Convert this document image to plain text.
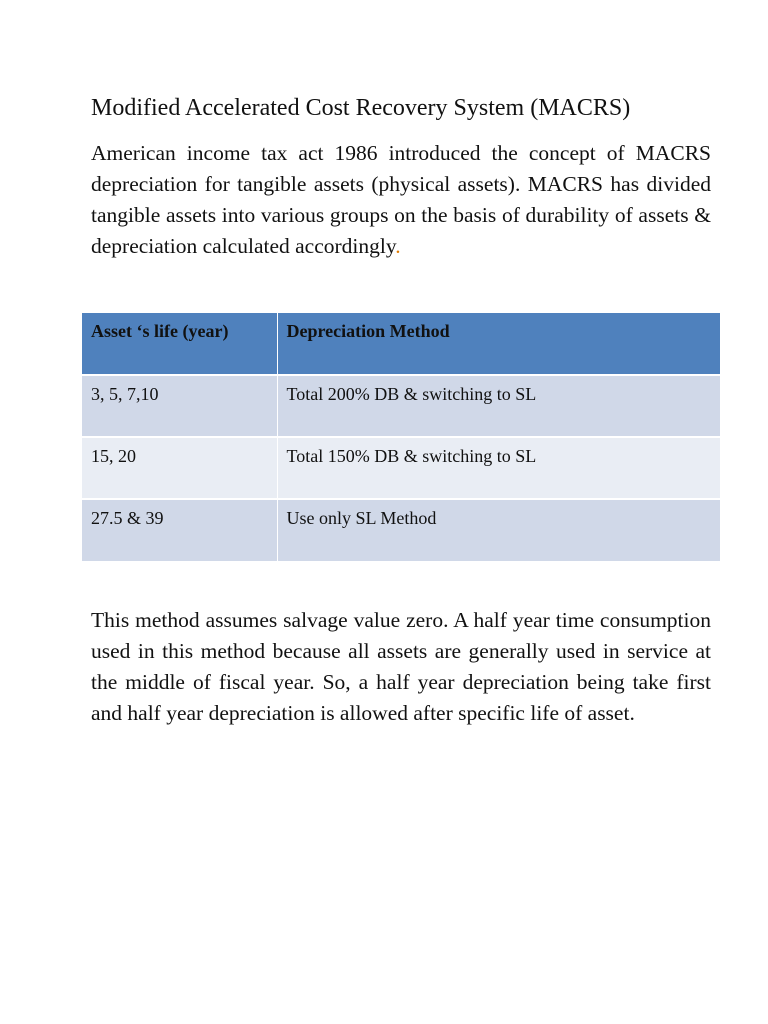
Modified Accelerated Cost Recovery System (MACRS)

American income tax act 1986 introduced the concept of MACRS depreciation for tangible assets (physical assets). MACRS has divided tangible assets into various groups on the basis of durability of assets & depreciation calculated accordingly.

Asset ‘s life (year)	Depreciation Method
3, 5, 7,10	Total 200% DB & switching to SL
15, 20	Total 150% DB & switching to SL
27.5 & 39	Use only SL Method

This method assumes salvage value zero. A half year time consumption used in this method because all assets are generally used in service at the middle of fiscal year. So, a half year depreciation being take first and half year depreciation is allowed after specific life of asset.
